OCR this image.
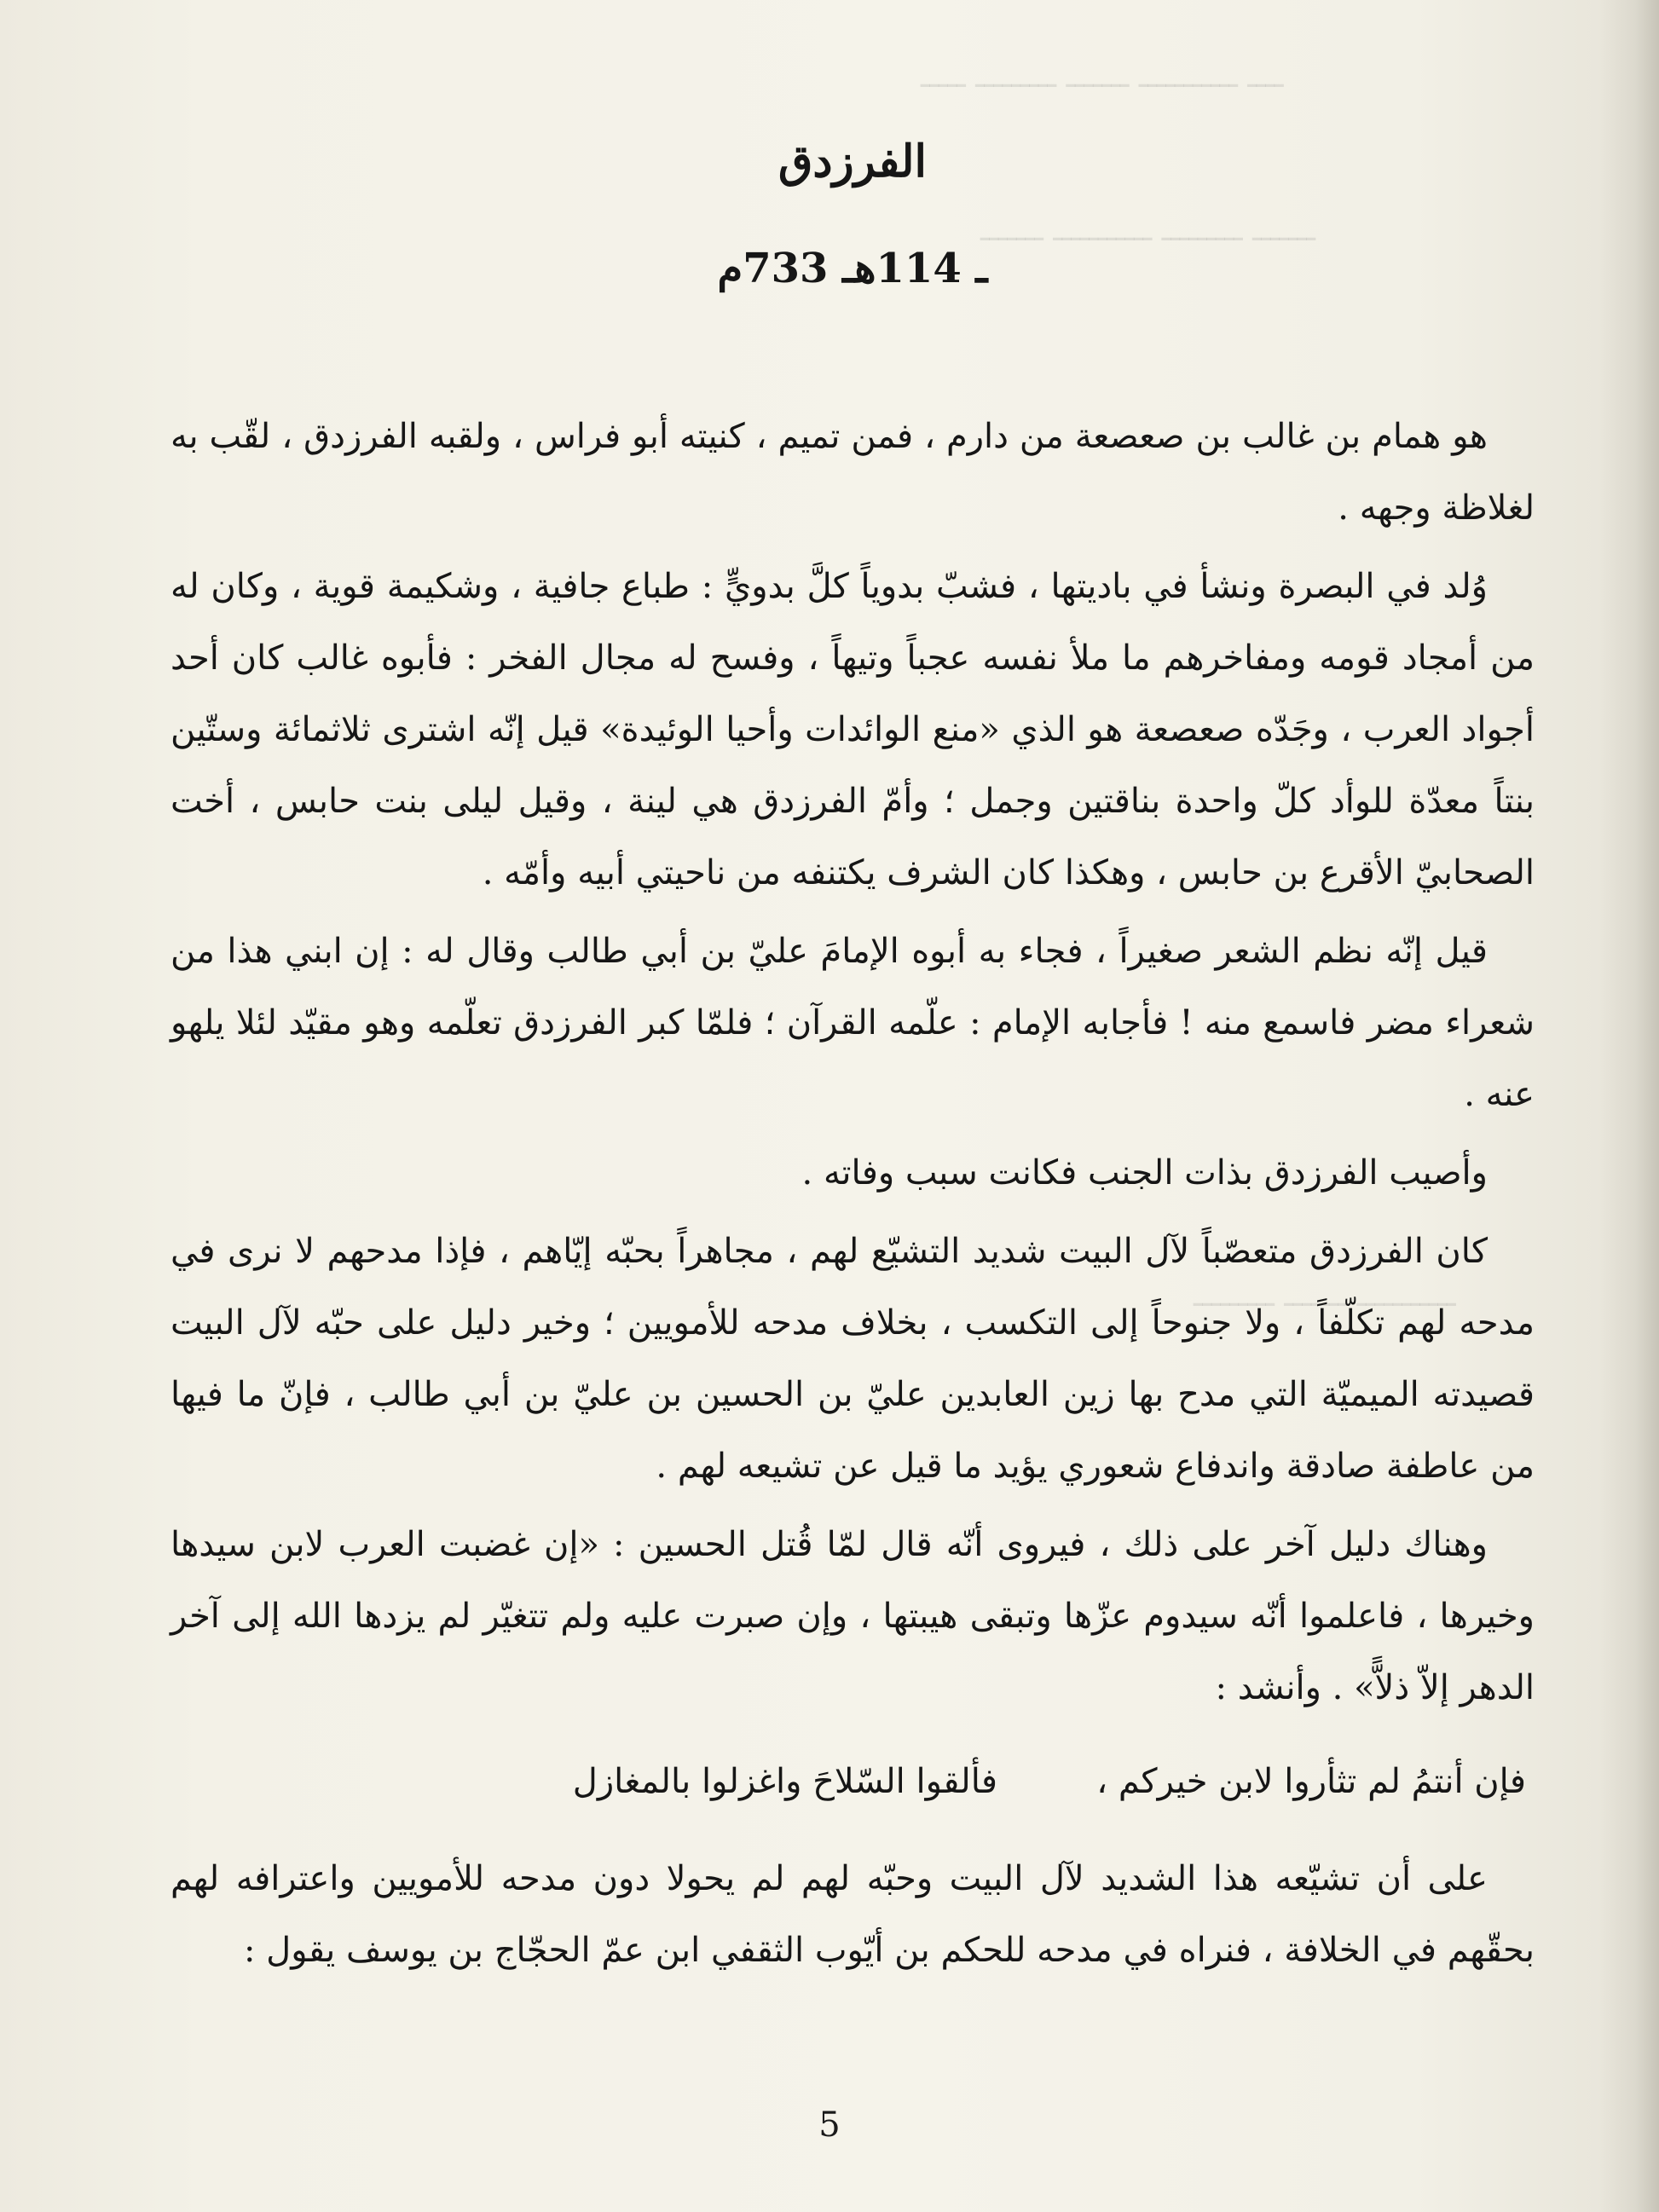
ـــــ ـــــــــ ـــــــ ـــــــــــ ــــ
ـــــــ ـــــــــــ ـــــــــ ـــــــ
ـــــــــ ـــــــ ـــــــــــ
الفرزدق
ـ 114هـ 733م

هو همام بن غالب بن صعصعة من دارم ، فمن تميم ، كنيته أبو فراس ، ولقبه الفرزدق ، لقّب به لغلاظة وجهه .

وُلد في البصرة ونشأ في باديتها ، فشبّ بدوياً كلَّ بدويٍّ : طباع جافية ، وشكيمة قوية ، وكان له من أمجاد قومه ومفاخرهم ما ملأ نفسه عجباً وتيهاً ، وفسح له مجال الفخر : فأبوه غالب كان أحد أجواد العرب ، وجَدّه صعصعة هو الذي «منع الوائدات وأحيا الوئيدة» قيل إنّه اشترى ثلاثمائة وستّين بنتاً معدّة للوأد كلّ واحدة بناقتين وجمل ؛ وأمّ الفرزدق هي لينة ، وقيل ليلى بنت حابس ، أخت الصحابيّ الأقرع بن حابس ، وهكذا كان الشرف يكتنفه من ناحيتي أبيه وأمّه .

قيل إنّه نظم الشعر صغيراً ، فجاء به أبوه الإمامَ عليّ بن أبي طالب وقال له : إن ابني هذا من شعراء مضر فاسمع منه ! فأجابه الإمام : علّمه القرآن ؛ فلمّا كبر الفرزدق تعلّمه وهو مقيّد لئلا يلهو عنه .

وأصيب الفرزدق بذات الجنب فكانت سبب وفاته .

كان الفرزدق متعصّباً لآل البيت شديد التشيّع لهم ، مجاهراً بحبّه إيّاهم ، فإذا مدحهم لا نرى في مدحه لهم تكلّفاً ، ولا جنوحاً إلى التكسب ، بخلاف مدحه للأمويين ؛ وخير دليل على حبّه لآل البيت قصيدته الميميّة التي مدح بها زين العابدين عليّ بن الحسين بن عليّ بن أبي طالب ، فإنّ ما فيها من عاطفة صادقة واندفاع شعوري يؤيد ما قيل عن تشيعه لهم .

وهناك دليل آخر على ذلك ، فيروى أنّه قال لمّا قُتل الحسين : «إن غضبت العرب لابن سيدها وخيرها ، فاعلموا أنّه سيدوم عزّها وتبقى هيبتها ، وإن صبرت عليه ولم تتغيّر لم يزدها الله إلى آخر الدهر إلاّ ذلاًّ» . وأنشد :

فإن أنتمُ لم تثأروا لابن خيركم ،
فألقوا السّلاحَ واغزلوا بالمغازل

على أن تشيّعه هذا الشديد لآل البيت وحبّه لهم لم يحولا دون مدحه للأمويين واعترافه لهم بحقّهم في الخلافة ، فنراه في مدحه للحكم بن أيّوب الثقفي ابن عمّ الحجّاج بن يوسف يقول :

5
